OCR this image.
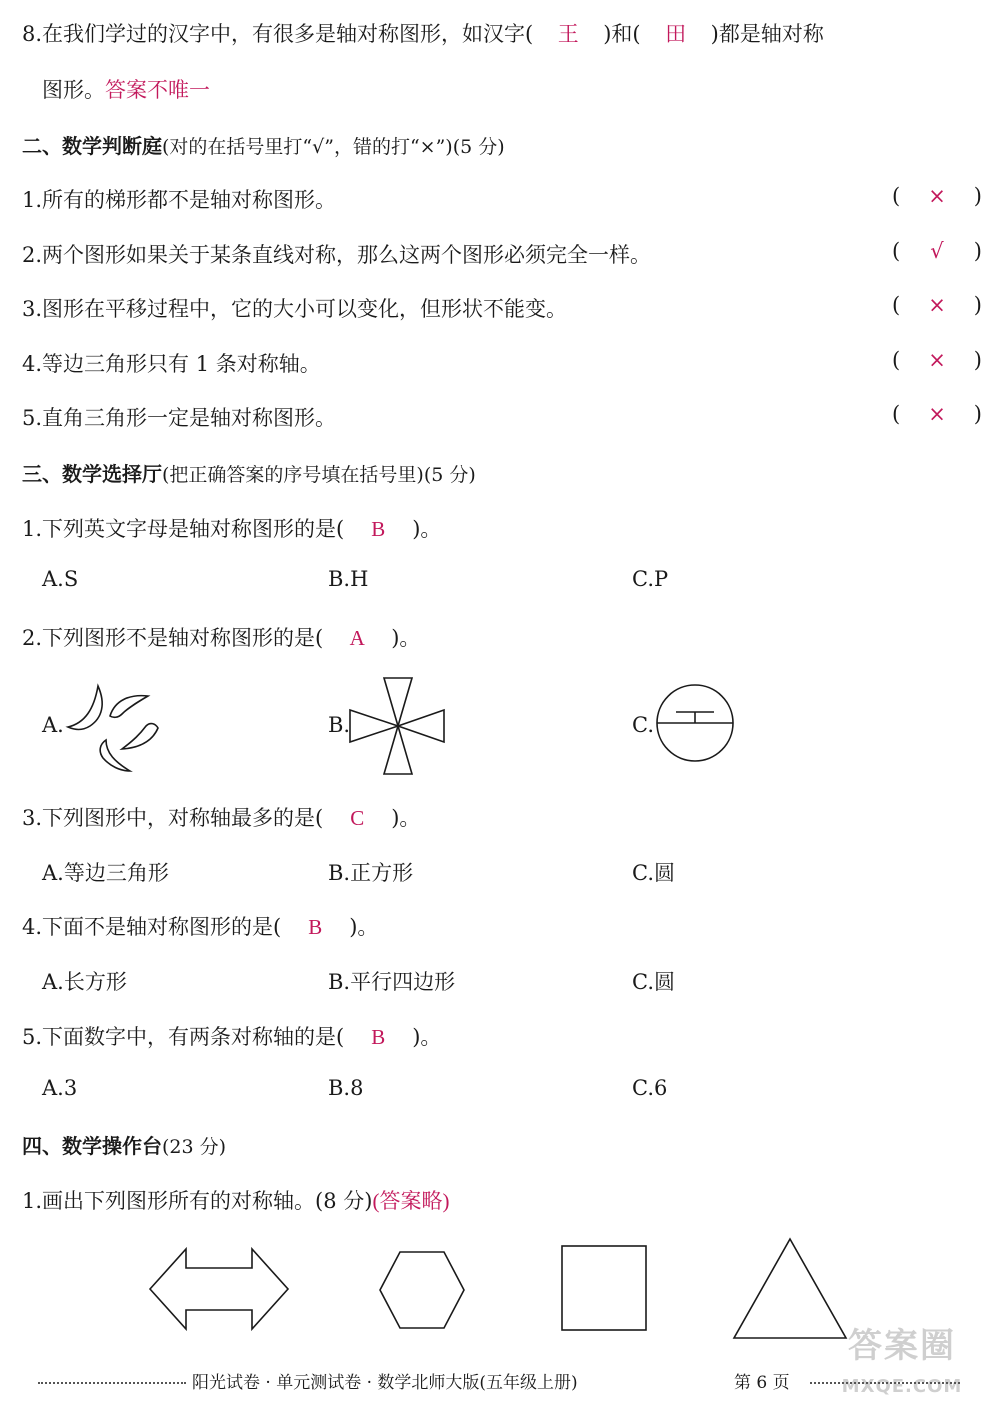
8.在我们学过的汉字中，有很多是轴对称图形，如汉字( 王 )和( 田 )都是轴对称
图形。答案不唯一
二、数学判断庭(对的在括号里打“√”，错的打“×”)(5 分)
1.所有的梯形都不是轴对称图形。	( × )
2.两个图形如果关于某条直线对称，那么这两个图形必须完全一样。	( √ )
3.图形在平移过程中，它的大小可以变化，但形状不能变。	( × )
4.等边三角形只有 1 条对称轴。	( × )
5.直角三角形一定是轴对称图形。	( × )
三、数学选择厅(把正确答案的序号填在括号里)(5 分)
1.下列英文字母是轴对称图形的是( B )。
A.S	B.H	C.P
2.下列图形不是轴对称图形的是( A )。
A.	B.	C.
3.下列图形中，对称轴最多的是( C )。
A.等边三角形	B.正方形	C.圆
4.下面不是轴对称图形的是( B )。
A.长方形	B.平行四边形	C.圆
5.下面数字中，有两条对称轴的是( B )。
A.3	B.8	C.6
四、数学操作台(23 分)
1.画出下列图形所有的对称轴。(8 分)(答案略)
答案圈
MXQE.COM
阳光试卷 · 单元测试卷 · 数学北师大版(五年级上册)	第 6 页
